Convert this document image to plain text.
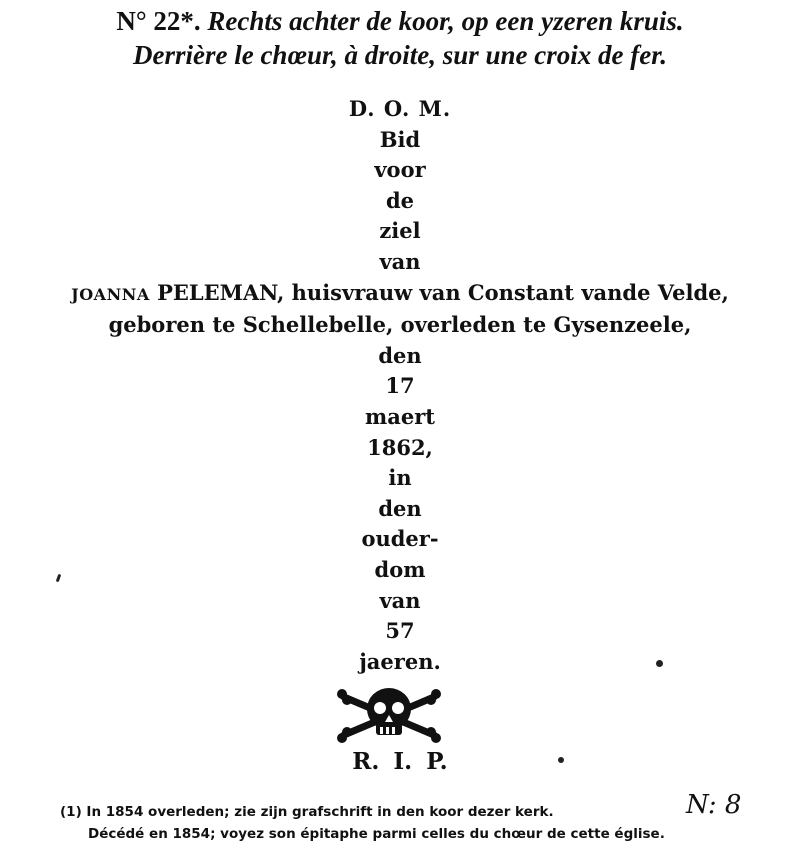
N° 22*. Rechts achter de koor, op een yzeren kruis.
Derrière le chœur, à droite, sur une croix de fer.
D. O. M.
Bid
voor
de
ziel
van
JOANNA PELEMAN, huisvrauw van Constant vande Velde,
geboren te Schellebelle, overleden te Gysenzeele,
den
17
maert
1862,
in
den
ouder-
dom
van
57
jaeren.
R. I. P.
(1) In 1854 overleden; zie zijn grafschrift in den koor dezer kerk.
Décédé en 1854; voyez son épitaphe parmi celles du chœur de cette église.
N: 8
